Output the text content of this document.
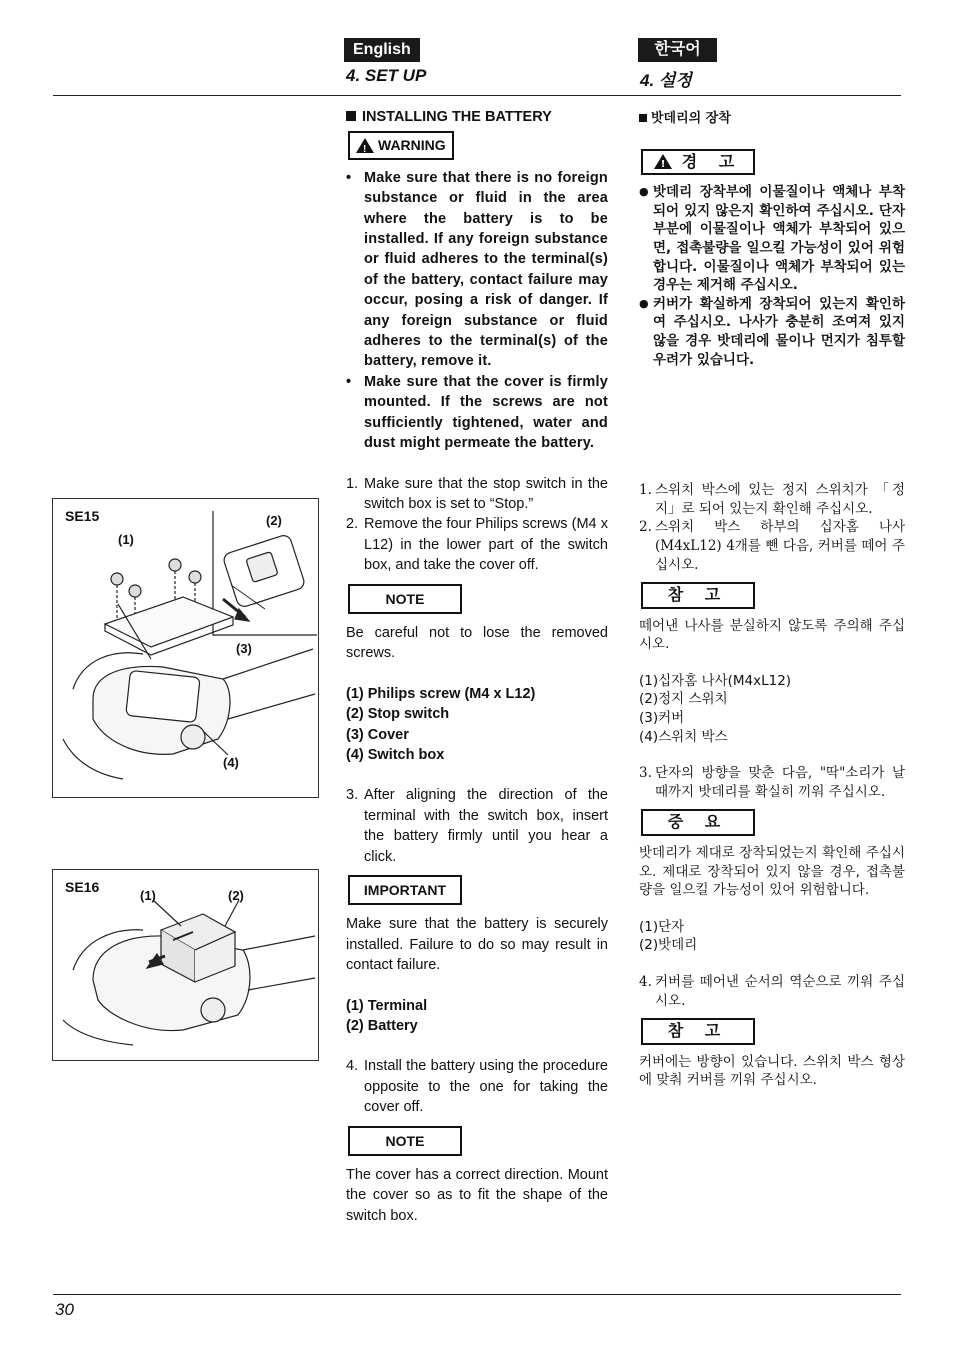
English	한국어
4. SET UP	4. 설정
INSTALLING THE BATTERY
!
WARNING
• Make sure that there is no foreign substance or fluid in the area where the battery is to be installed. If any foreign substance or fluid adheres to the terminal(s) of the battery, contact failure may occur, posing a risk of danger. If any foreign substance or fluid adheres to the terminal(s) of the battery, remove it.
• Make sure that the cover is firmly mounted. If the screws are not sufficiently tightened, water and dust might permeate the battery.
1. Make sure that the stop switch in the switch box is set to “Stop.”
2. Remove the four Philips screws (M4 x L12) in the lower part of the switch box, and take the cover off.
NOTE
Be careful not to lose the removed screws.
(1) Philips screw (M4 x L12)
(2) Stop switch
(3) Cover
(4) Switch box
3. After aligning the direction of the terminal with the switch box, insert the battery firmly until you hear a click.
IMPORTANT
Make sure that the battery is securely installed. Failure to do so may result in contact failure.
(1) Terminal
(2) Battery
4. Install the battery using the procedure opposite to the one for taking the cover off.
NOTE
The cover has a correct direction. Mount the cover so as to fit the shape of the switch box.
밧데리의 장착
!
경 고
● 밧데리 장착부에 이물질이나 액체나 부착되어 있지 않은지 확인하여 주십시오. 단자부분에 이물질이나 액체가 부착되어 있으면, 접촉불량을 일으킬 가능성이 있어 위험합니다. 이물질이나 액체가 부착되어 있는 경우는 제거해 주십시오.
● 커버가 확실하게 장착되어 있는지 확인하여 주십시오. 나사가 충분히 조여져 있지 않을 경우 밧데리에 물이나 먼지가 침투할 우려가 있습니다.
1. 스위치 박스에 있는 정지 스위치가 「정지」로 되어 있는지 확인해 주십시오.
2. 스위치 박스 하부의 십자홈 나사(M4xL12) 4개를 뺀 다음, 커버를 떼어 주십시오.
참 고
떼어낸 나사를 분실하지 않도록 주의해 주십시오.
(1)십자홈 나사(M4xL12)
(2)정지 스위치
(3)커버
(4)스위치 박스
3. 단자의 방향을 맞춘 다음, "딱"소리가 날 때까지 밧데리를 확실히 끼워 주십시오.
중 요
밧데리가 제대로 장착되었는지 확인해 주십시오. 제대로 장착되어 있지 않을 경우, 접촉불량을 일으킬 가능성이 있어 위험합니다.
(1)단자
(2)밧데리
4. 커버를 떼어낸 순서의 역순으로 끼워 주십시오.
참 고
커버에는 방향이 있습니다. 스위치 박스 형상에 맞춰 커버를 끼워 주십시오.
SE15
(1)
(2)
(3)
(4)
SE16
(1)	(2)
30
